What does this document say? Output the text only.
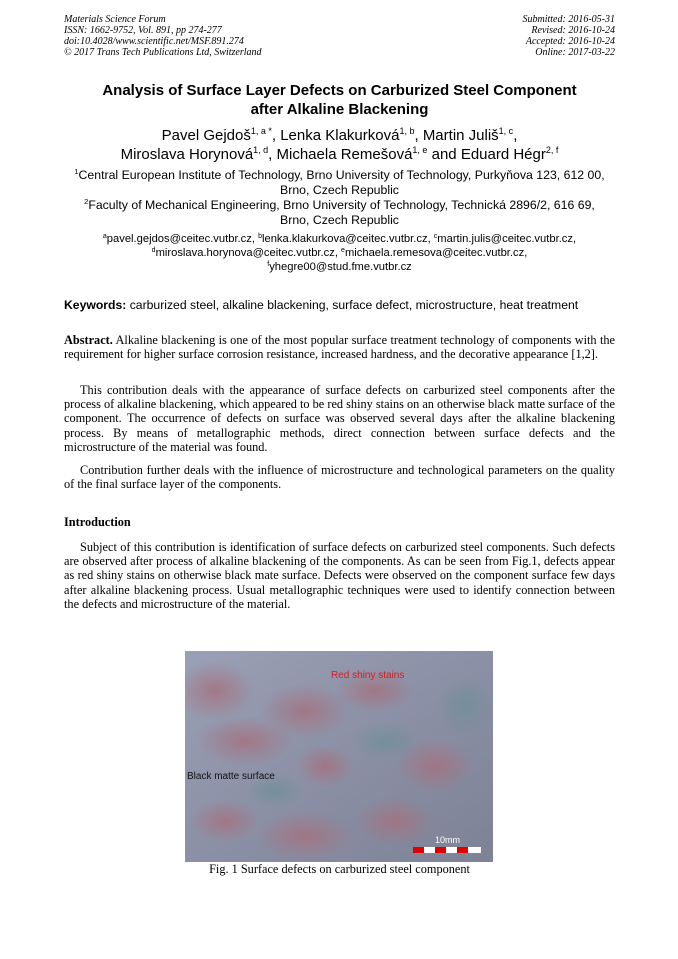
Materials Science Forum
ISSN: 1662-9752, Vol. 891, pp 274-277
doi:10.4028/www.scientific.net/MSF.891.274
© 2017 Trans Tech Publications Ltd, Switzerland
Submitted: 2016-05-31
Revised: 2016-10-24
Accepted: 2016-10-24
Online: 2017-03-22
Analysis of Surface Layer Defects on Carburized Steel Component
after Alkaline Blackening
Pavel Gejdoš$^{1, a *}$, Lenka Klakurková$^{1, b}$, Martin Juliš$^{1, c}$,
Miroslava Horynová$^{1, d}$, Michaela Remešová$^{1, e}$ and Eduard Hégr$^{2, f}$
$^1$Central European Institute of Technology, Brno University of Technology, Purkyňova 123, 612 00,
Brno, Czech Republic
$^2$Faculty of Mechanical Engineering, Brno University of Technology, Technická 2896/2, 616 69,
Brno, Czech Republic
$^a$pavel.gejdos@ceitec.vutbr.cz, $^b$lenka.klakurkova@ceitec.vutbr.cz, $^c$martin.julis@ceitec.vutbr.cz,
$^d$miroslava.horynova@ceitec.vutbr.cz, $^e$michaela.remesova@ceitec.vutbr.cz,
$^f$yhegre00@stud.fme.vutbr.cz
Keywords: carburized steel, alkaline blackening, surface defect, microstructure, heat treatment
Abstract. Alkaline blackening is one of the most popular surface treatment technology of components with the requirement for higher surface corrosion resistance, increased hardness, and the decorative appearance [1,2].
This contribution deals with the appearance of surface defects on carburized steel components after the process of alkaline blackening, which appeared to be red shiny stains on an otherwise black matte surface of the component. The occurrence of defects on surface was observed several days after the alkaline blackening process. By means of metallographic methods, direct connection between surface defects and the microstructure of the material was found.
Contribution further deals with the influence of microstructure and technological parameters on the quality of the final surface layer of the components.
Introduction
Subject of this contribution is identification of surface defects on carburized steel components. Such defects are observed after process of alkaline blackening of the components. As can be seen from Fig.1, defects appear as red shiny stains on otherwise black mate surface. Defects were observed on the component surface few days after alkaline blackening process. Usual metallographic techniques were used to identify connection between the defects and microstructure of the material.
Red shiny stains
Black matte surface
10mm
Fig. 1 Surface defects on carburized steel component
